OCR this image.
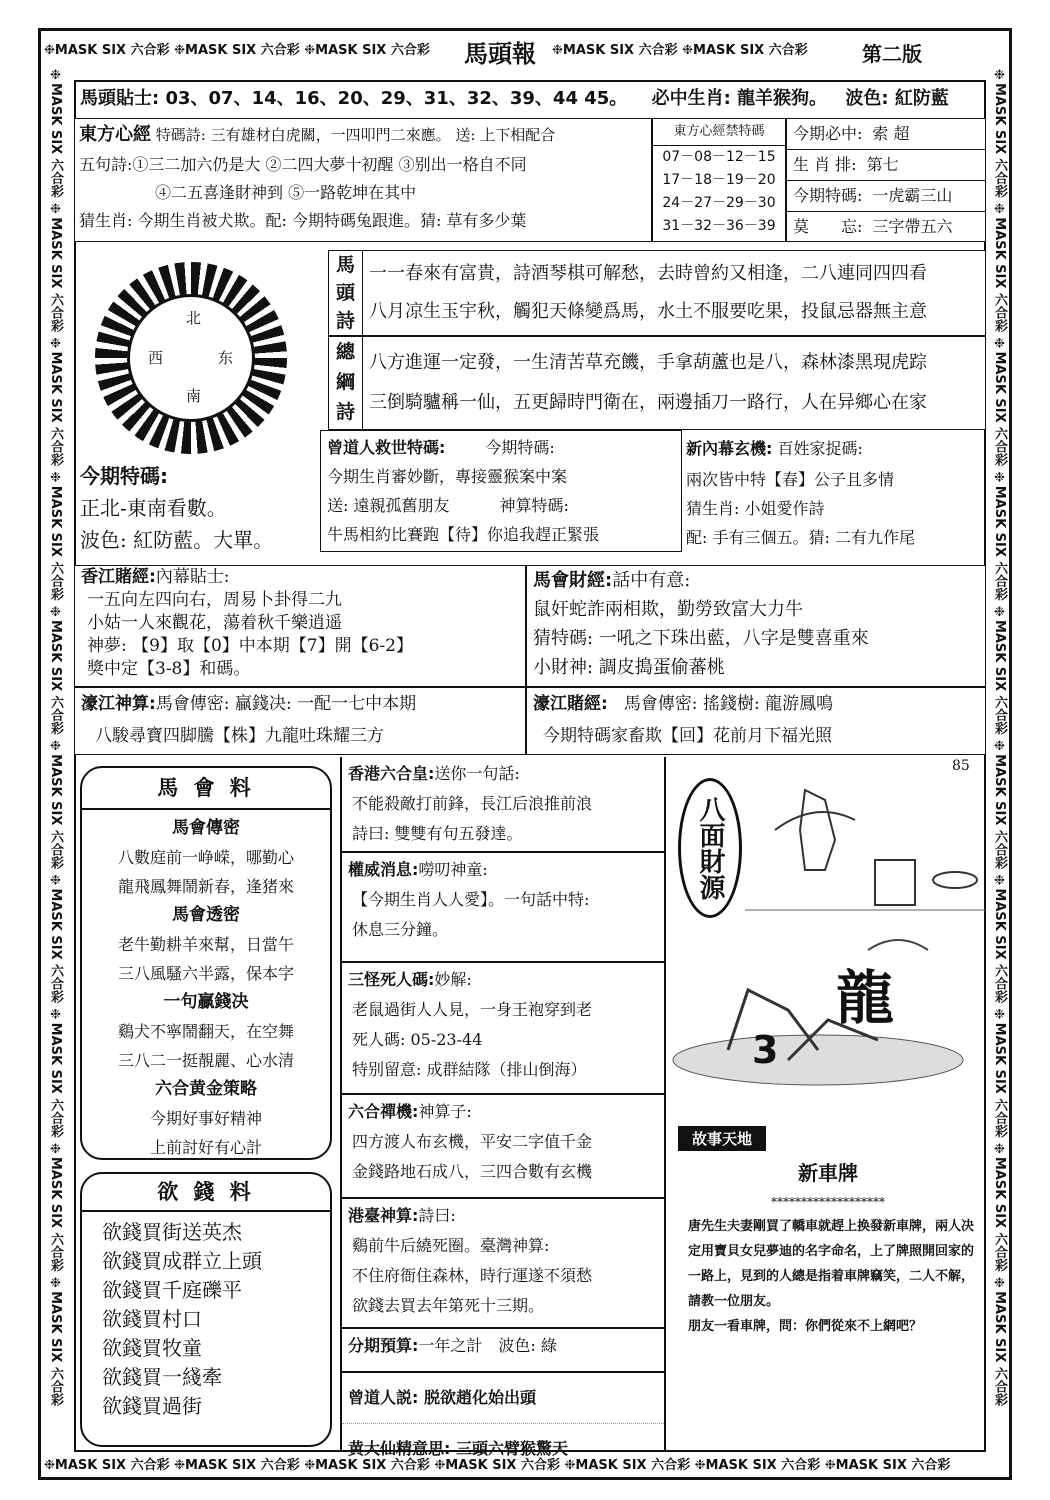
❉MASK SIX 六合彩 ❉MASK SIX 六合彩 ❉MASK SIX 六合彩	❉MASK SIX 六合彩 ❉MASK SIX 六合彩
❉MASK SIX 六合彩 ❉MASK SIX 六合彩 ❉MASK SIX 六合彩 ❉MASK SIX 六合彩 ❉MASK SIX 六合彩 ❉MASK SIX 六合彩 ❉MASK SIX 六合彩
❉MASK SIX 六合彩 ❉MASK SIX 六合彩 ❉MASK SIX 六合彩 ❉MASK SIX 六合彩 ❉MASK SIX 六合彩 ❉MASK SIX 六合彩 ❉MASK SIX 六合彩 ❉MASK SIX 六合彩 ❉MASK SIX 六合彩 ❉MASK SIX 六合彩	❉MASK SIX 六合彩 ❉MASK SIX 六合彩 ❉MASK SIX 六合彩 ❉MASK SIX 六合彩 ❉MASK SIX 六合彩 ❉MASK SIX 六合彩 ❉MASK SIX 六合彩 ❉MASK SIX 六合彩 ❉MASK SIX 六合彩 ❉MASK SIX 六合彩
馬頭報	第二版
馬頭貼士: 03、07、14、16、20、29、31、32、39、44 45。 必中生肖: 龍羊猴狗。 波色: 紅防藍
東方心經 特碼詩: 三有雄材白虎關，一四叩門二來應。 送: 上下相配合
五句詩:①三二加六仍是大 ②二四大夢十初醒 ③别出一格自不同
④二五喜逢財神到 ⑤一路乾坤在其中
猜生肖: 今期生肖被犬欺。配: 今期特碼兔跟進。猜: 草有多少葉
東方心經禁特碼
07－08－12－15
17－18－19－20
24－27－29－30
31－32－36－39
今期必中: 索 超
生 肖 排: 第七
今期特碼: 一虎霸三山
莫　　忘: 三字帶五六
北
西	东
南
馬
頭
詩
一一春來有富貴，詩酒琴棋可解愁，去時曾約又相逢，二八連同四四看
八月凉生玉宇秋，觸犯天條變爲馬，水土不服要吃果，投鼠忌器無主意
總
綱
詩
八方進運一定發，一生清苦草充饑，手拿葫蘆也是八，森林漆黑現虎踪
三倒騎驢稱一仙，五更歸時門衛在，兩邊插刀一路行，人在异鄉心在家
今期特碼:
正北-東南看數。
波色: 紅防藍。大單。
曾道人救世特碼:	今期特碼:
今期生肖審妙斷，專接靈猴案中案
送: 遠親孤舊朋友	神算特碼:
牛馬相約比賽跑【待】你追我趕正緊張
新內幕玄機: 百姓家捉碼:
兩次皆中特【春】公子且多情
猜生肖: 小姐愛作詩
配: 手有三個五。猜: 二有九作尾
香江賭經:內幕貼士:
一五向左四向右，周易卜卦得二九
小姑一人來觀花，蕩着秋千樂逍遥
神夢: 【9】取【0】中本期【7】開【6-2】
獎中定【3-8】和碼。
馬會財經:話中有意:
鼠奸蛇詐兩相欺，勤勞致富大力牛
猜特碼: 一吼之下珠出藍，八字是雙喜重來
小財神: 調皮搗蛋偷蕃桃
濠江神算:馬會傳密: 贏錢决: 一配一七中本期
八駿尋寶四脚騰【株】九龍吐珠耀三方
濠江賭經: 馬會傳密: 搖錢樹: 龍游鳳鳴
今期特碼家畜欺【回】花前月下福光照
85
馬 會 料
馬會傳密
八數庭前一峥嵘，哪勤心
龍飛鳳舞鬧新春，逢猪來
馬會透密
老牛勤耕羊來幫，日當午
三八風騷六半露，保本字
一句贏錢决
鷄犬不寧鬧翻天，在空舞
三八二一挺靚麗、心水清
六合黄金策略
今期好事好精神
上前討好有心計
欲 錢 料
欲錢買街送英杰
欲錢買成群立上頭
欲錢買千庭礫平
欲錢買村口
欲錢買牧童
欲錢買一綫牽
欲錢買過街
香港六合皇:送你一句話:
不能殺敵打前鋒，長江后浪推前浪
詩曰: 雙雙有句五發達。
權威消息:嘮叨神童:
【今期生肖人人愛】。一句話中特:
休息三分鐘。
三怪死人碼:妙解:
老鼠過街人人見，一身王袍穿到老
死人碼: 05-23-44
特别留意: 成群結隊（排山倒海）
六合禪機:神算子:
四方渡人布玄機，平安二字值千金
金錢路地石成八，三四合數有玄機
港臺神算:詩曰:
鷄前牛后繞死圈。臺灣神算:
不住府衙住森林，時行運遂不須愁
欲錢去買去年第死十三期。
分期預算:一年之計　波色: 綠
曾道人説: 脱欲趙化始出頭
黄大仙精意思: 三頭六臂猴驚天
八面財源
龍
3
故事天地
新車牌
*******************

唐先生夫妻剛買了轎車就趕上换發新車牌，兩人决定用寶貝女兒夢迪的名字命名，上了牌照開回家的一路上，見到的人總是指着車牌竊笑，二人不解，請教一位朋友。

朋友一看車牌，問：你們從來不上網吧？
